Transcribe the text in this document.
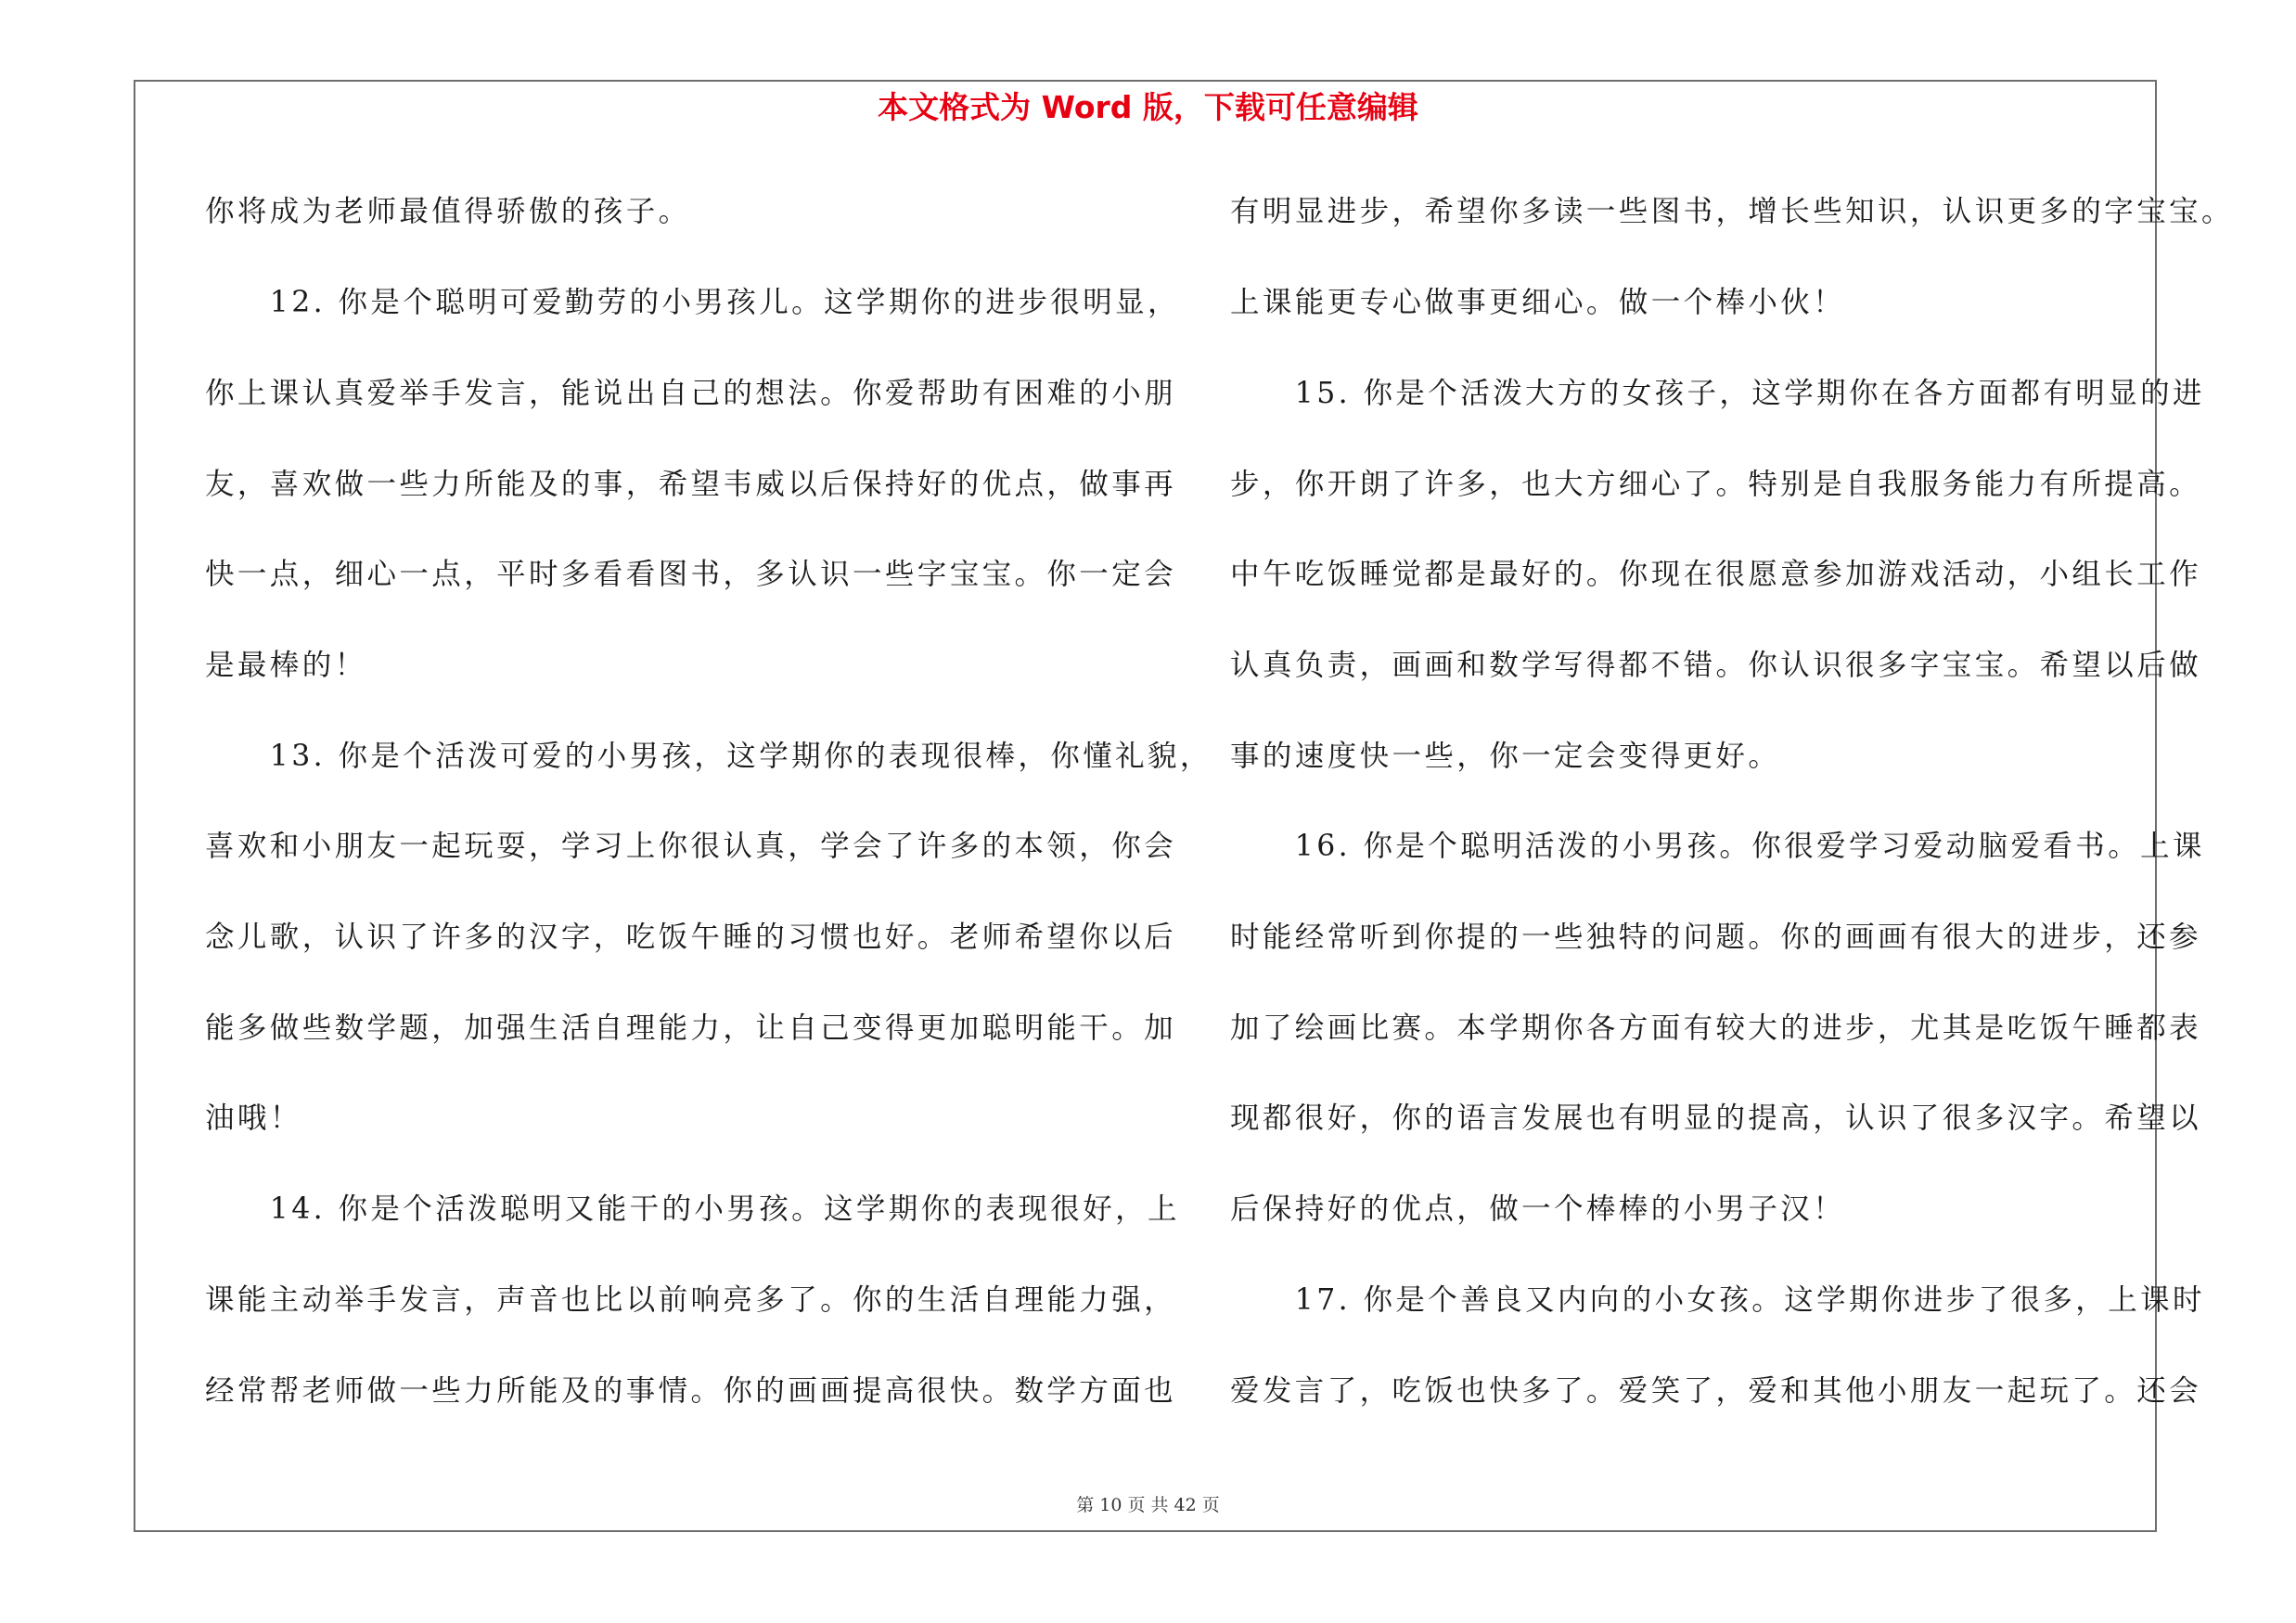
本文格式为 Word 版，下载可任意编辑
你将成为老师最值得骄傲的孩子。
　　12. 你是个聪明可爱勤劳的小男孩儿。这学期你的进步很明显，
你上课认真爱举手发言，能说出自己的想法。你爱帮助有困难的小朋
友，喜欢做一些力所能及的事，希望韦威以后保持好的优点，做事再
快一点，细心一点，平时多看看图书，多认识一些字宝宝。你一定会
是最棒的！
　　13. 你是个活泼可爱的小男孩，这学期你的表现很棒，你懂礼貌，
喜欢和小朋友一起玩耍，学习上你很认真，学会了许多的本领，你会
念儿歌，认识了许多的汉字，吃饭午睡的习惯也好。老师希望你以后
能多做些数学题，加强生活自理能力，让自己变得更加聪明能干。加
油哦！
　　14. 你是个活泼聪明又能干的小男孩。这学期你的表现很好，上
课能主动举手发言，声音也比以前响亮多了。你的生活自理能力强，
经常帮老师做一些力所能及的事情。你的画画提高很快。数学方面也
有明显进步，希望你多读一些图书，增长些知识，认识更多的字宝宝。
上课能更专心做事更细心。做一个棒小伙！
　　15. 你是个活泼大方的女孩子，这学期你在各方面都有明显的进
步，你开朗了许多，也大方细心了。特别是自我服务能力有所提高。
中午吃饭睡觉都是最好的。你现在很愿意参加游戏活动，小组长工作
认真负责，画画和数学写得都不错。你认识很多字宝宝。希望以后做
事的速度快一些，你一定会变得更好。
　　16. 你是个聪明活泼的小男孩。你很爱学习爱动脑爱看书。上课
时能经常听到你提的一些独特的问题。你的画画有很大的进步，还参
加了绘画比赛。本学期你各方面有较大的进步，尤其是吃饭午睡都表
现都很好，你的语言发展也有明显的提高，认识了很多汉字。希望以
后保持好的优点，做一个棒棒的小男子汉！
　　17. 你是个善良又内向的小女孩。这学期你进步了很多，上课时
爱发言了，吃饭也快多了。爱笑了，爱和其他小朋友一起玩了。还会
第 10 页 共 42 页
